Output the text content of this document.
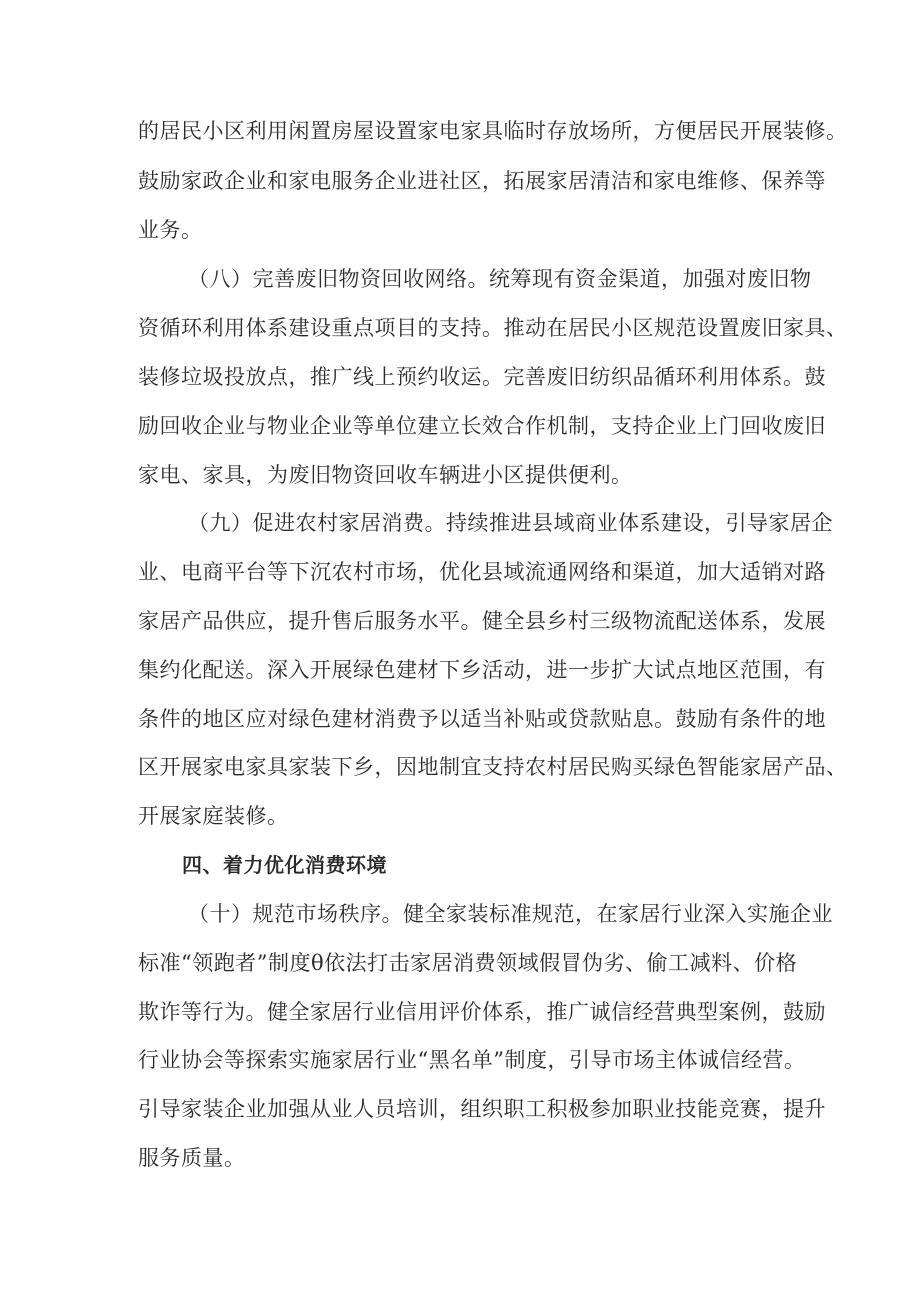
的居民小区利用闲置房屋设置家电家具临时存放场所，方便居民开展装修。
鼓励家政企业和家电服务企业进社区，拓展家居清洁和家电维修、保养等
业务。
（八）完善废旧物资回收网络。统筹现有资金渠道，加强对废旧物
资循环利用体系建设重点项目的支持。推动在居民小区规范设置废旧家具、
装修垃圾投放点，推广线上预约收运。完善废旧纺织品循环利用体系。鼓
励回收企业与物业企业等单位建立长效合作机制，支持企业上门回收废旧
家电、家具，为废旧物资回收车辆进小区提供便利。
（九）促进农村家居消费。持续推进县域商业体系建设，引导家居企
业、电商平台等下沉农村市场，优化县域流通网络和渠道，加大适销对路
家居产品供应，提升售后服务水平。健全县乡村三级物流配送体系，发展
集约化配送。深入开展绿色建材下乡活动，进一步扩大试点地区范围，有
条件的地区应对绿色建材消费予以适当补贴或贷款贴息。鼓励有条件的地
区开展家电家具家装下乡，因地制宜支持农村居民购买绿色智能家居产品、
开展家庭装修。
四、着力优化消费环境
（十）规范市场秩序。健全家装标准规范，在家居行业深入实施企业
标准“领跑者”制度θ依法打击家居消费领域假冒伪劣、偷工减料、价格
欺诈等行为。健全家居行业信用评价体系，推广诚信经营典型案例，鼓励
行业协会等探索实施家居行业“黑名单”制度，引导市场主体诚信经营。
引导家装企业加强从业人员培训，组织职工积极参加职业技能竞赛，提升
服务质量。
